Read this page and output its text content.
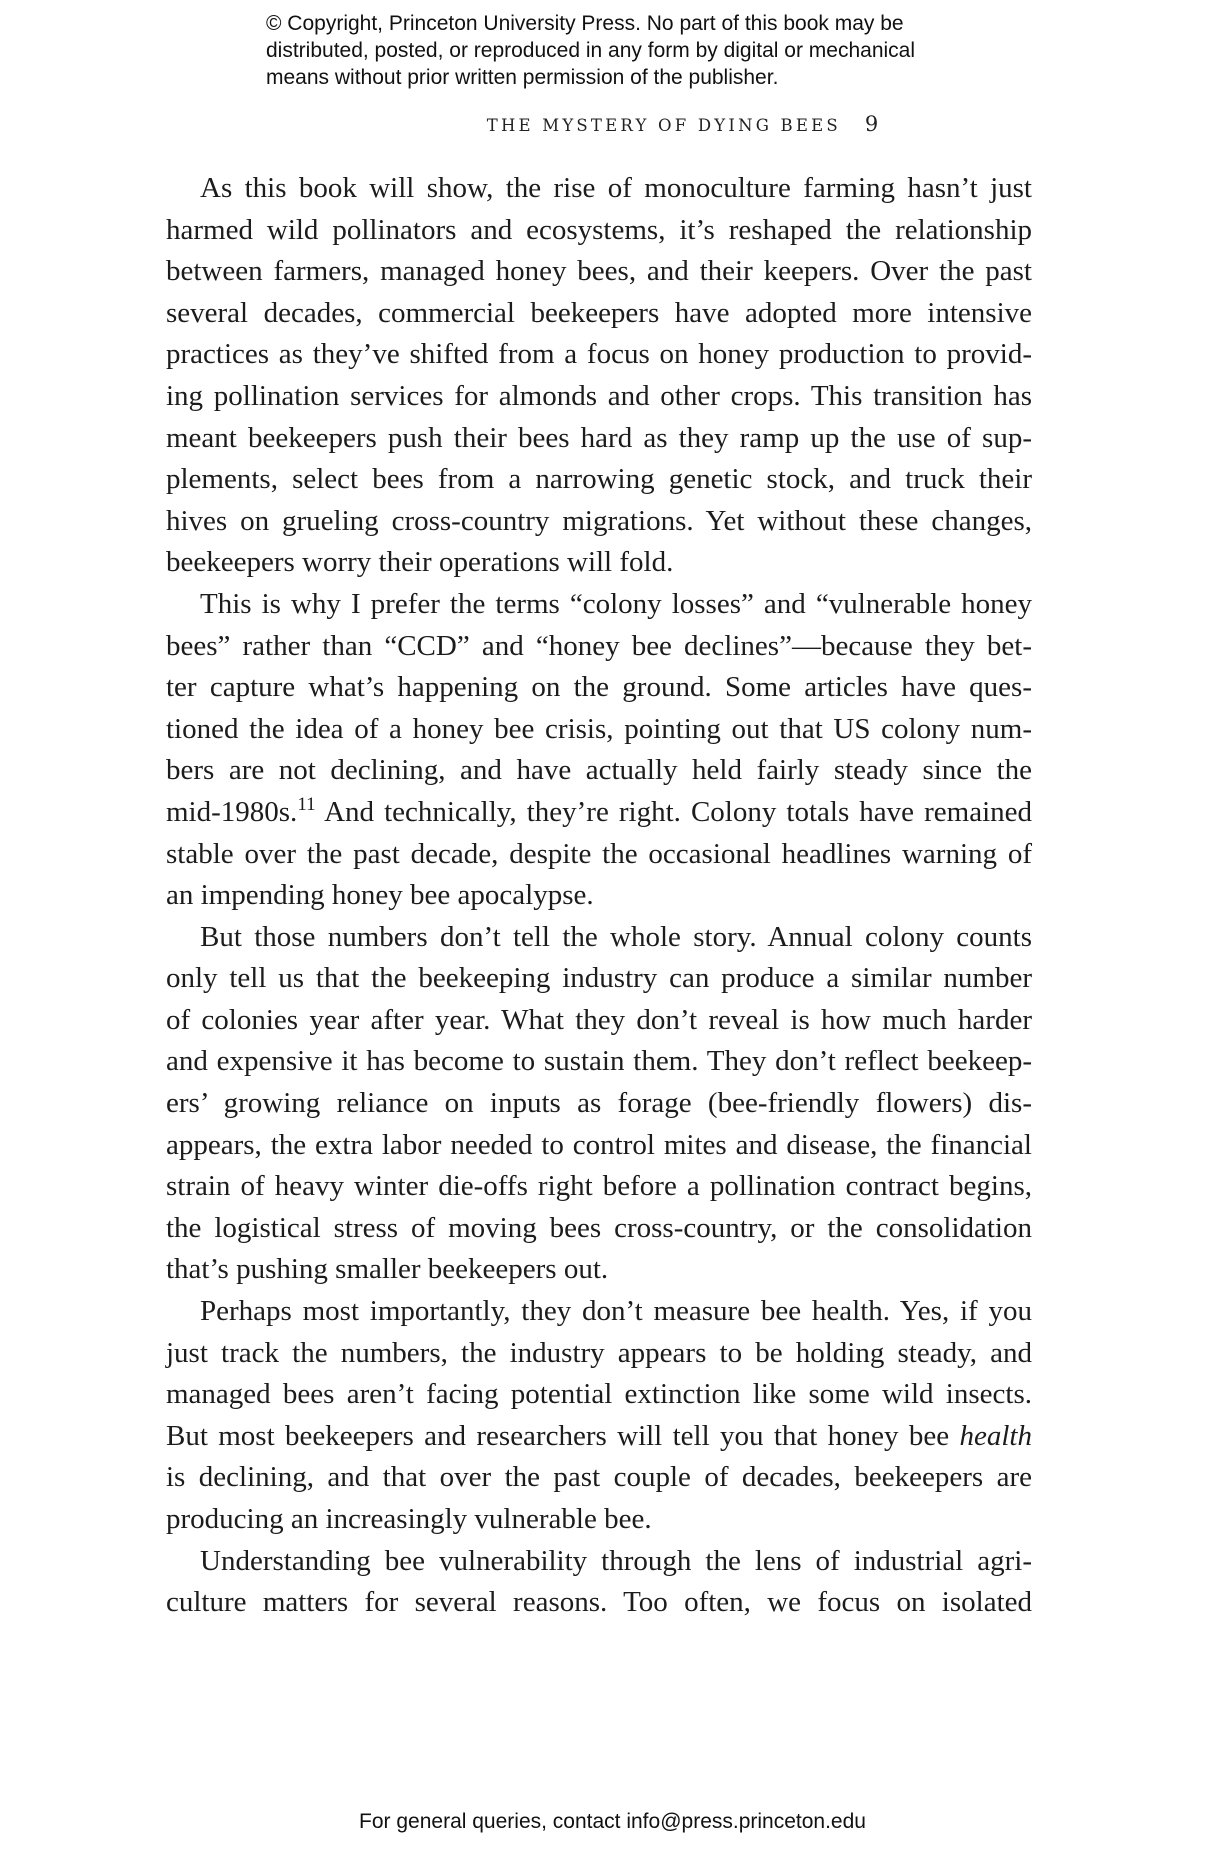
© Copyright, Princeton University Press. No part of this book may be
distributed, posted, or reproduced in any form by digital or mechanical
means without prior written permission of the publisher.
THE MYSTERY OF DYING BEES 9
As this book will show, the rise of monoculture farming hasn’t just
harmed wild pollinators and ecosystems, it’s reshaped the relationship
between farmers, managed honey bees, and their keepers. Over the past
several decades, commercial beekeepers have adopted more intensive
practices as they’ve shifted from a focus on honey production to provid-
ing pollination services for almonds and other crops. This transition has
meant beekeepers push their bees hard as they ramp up the use of sup-
plements, select bees from a narrowing genetic stock, and truck their
hives on grueling cross-country migrations. Yet without these changes,
beekeepers worry their operations will fold.
This is why I prefer the terms “colony losses” and “vulnerable honey
bees” rather than “CCD” and “honey bee declines”—because they bet-
ter capture what’s happening on the ground. Some articles have ques-
tioned the idea of a honey bee crisis, pointing out that US colony num-
bers are not declining, and have actually held fairly steady since the
mid-1980s.$^{11}$ And technically, they’re right. Colony totals have remained
stable over the past decade, despite the occasional headlines warning of
an impending honey bee apocalypse.
But those numbers don’t tell the whole story. Annual colony counts
only tell us that the beekeeping industry can produce a similar number
of colonies year after year. What they don’t reveal is how much harder
and expensive it has become to sustain them. They don’t reflect beekeep-
ers’ growing reliance on inputs as forage (bee-friendly flowers) dis-
appears, the extra labor needed to control mites and disease, the financial
strain of heavy winter die-offs right before a pollination contract begins,
the logistical stress of moving bees cross-country, or the consolidation
that’s pushing smaller beekeepers out.
Perhaps most importantly, they don’t measure bee health. Yes, if you
just track the numbers, the industry appears to be holding steady, and
managed bees aren’t facing potential extinction like some wild insects.
But most beekeepers and researchers will tell you that honey bee health
is declining, and that over the past couple of decades, beekeepers are
producing an increasingly vulnerable bee.
Understanding bee vulnerability through the lens of industrial agri-
culture matters for several reasons. Too often, we focus on isolated
For general queries, contact info@press.princeton.edu
